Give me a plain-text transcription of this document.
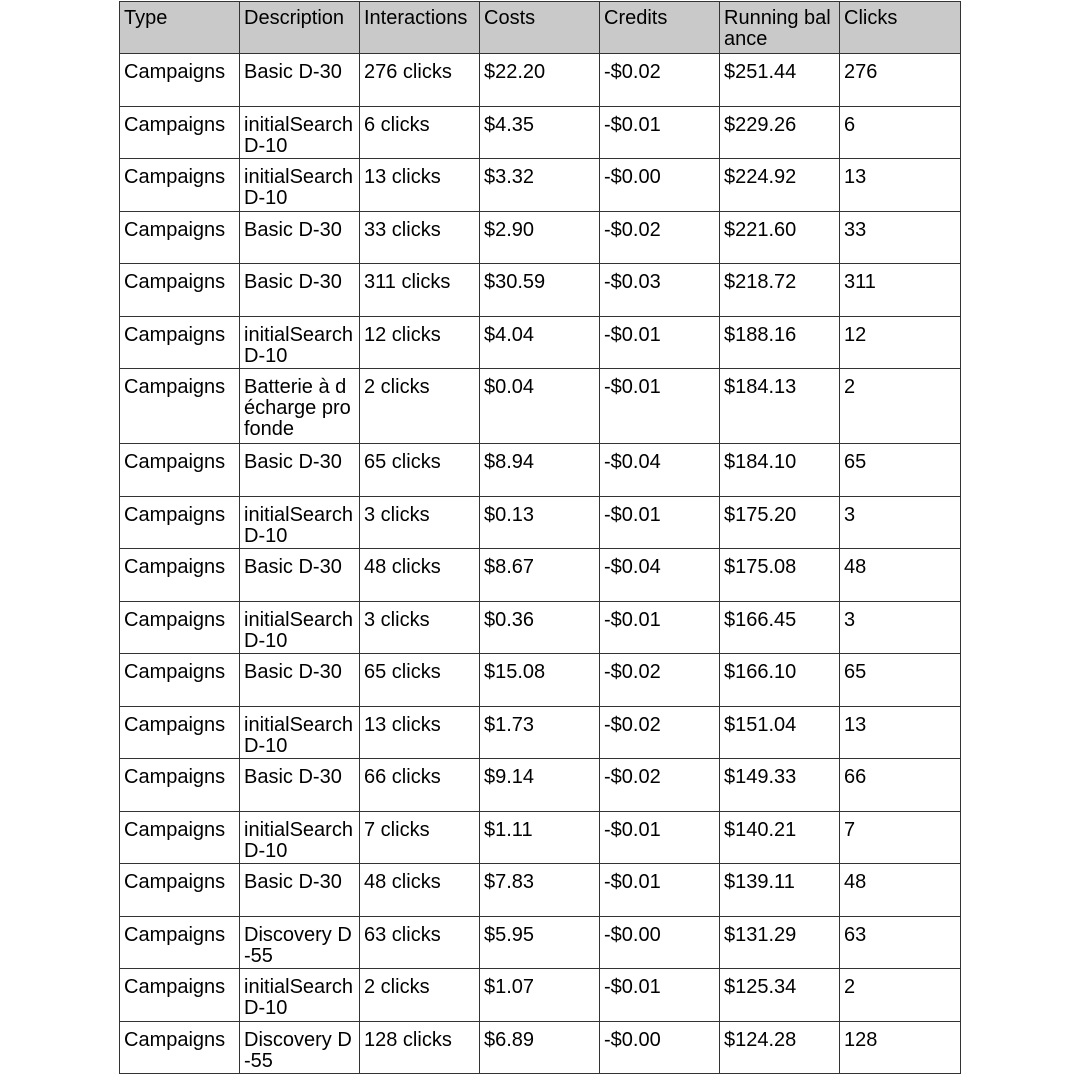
Type	Description	Interactions	Costs	Credits	Running balance	Clicks
Campaigns	Basic D-30	276 clicks	$22.20	-$0.02	$251.44	276
Campaigns	initialSearch D-10	6 clicks	$4.35	-$0.01	$229.26	6
Campaigns	initialSearch D-10	13 clicks	$3.32	-$0.00	$224.92	13
Campaigns	Basic D-30	33 clicks	$2.90	-$0.02	$221.60	33
Campaigns	Basic D-30	311 clicks	$30.59	-$0.03	$218.72	311
Campaigns	initialSearch D-10	12 clicks	$4.04	-$0.01	$188.16	12
Campaigns	Batterie à décharge profonde	2 clicks	$0.04	-$0.01	$184.13	2
Campaigns	Basic D-30	65 clicks	$8.94	-$0.04	$184.10	65
Campaigns	initialSearch D-10	3 clicks	$0.13	-$0.01	$175.20	3
Campaigns	Basic D-30	48 clicks	$8.67	-$0.04	$175.08	48
Campaigns	initialSearch D-10	3 clicks	$0.36	-$0.01	$166.45	3
Campaigns	Basic D-30	65 clicks	$15.08	-$0.02	$166.10	65
Campaigns	initialSearch D-10	13 clicks	$1.73	-$0.02	$151.04	13
Campaigns	Basic D-30	66 clicks	$9.14	-$0.02	$149.33	66
Campaigns	initialSearch D-10	7 clicks	$1.11	-$0.01	$140.21	7
Campaigns	Basic D-30	48 clicks	$7.83	-$0.01	$139.11	48
Campaigns	Discovery D-55	63 clicks	$5.95	-$0.00	$131.29	63
Campaigns	initialSearch D-10	2 clicks	$1.07	-$0.01	$125.34	2
Campaigns	Discovery D-55	128 clicks	$6.89	-$0.00	$124.28	128
